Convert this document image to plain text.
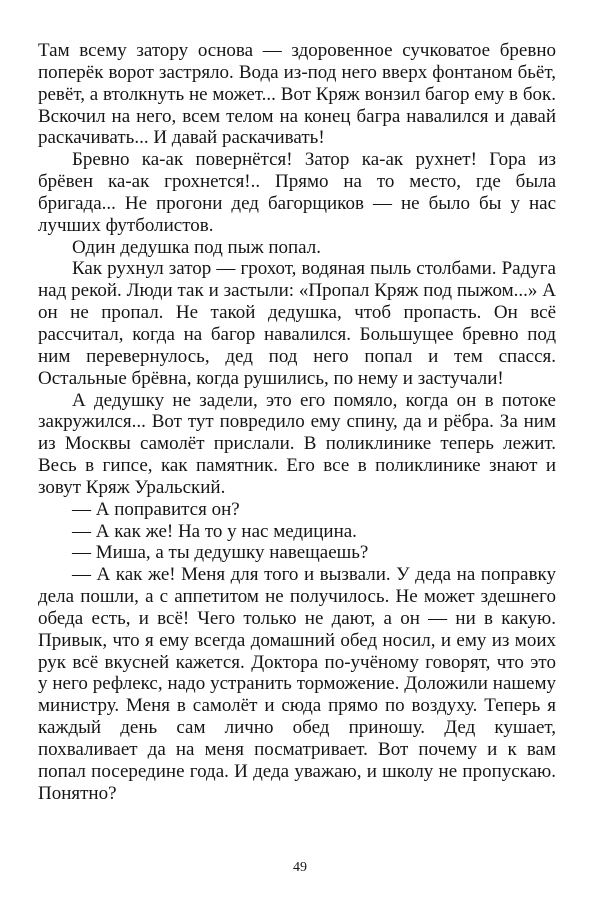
Там всему затору основа — здоровенное сучковатое бревно поперёк ворот застряло. Вода из-под него вверх фонтаном бьёт, ревёт, а втолкнуть не может... Вот Кряж вонзил багор ему в бок. Вскочил на него, всем телом на конец багра навалился и давай раскачивать... И давай раскачивать!

Бревно ка-ак повернётся! Затор ка-ак рухнет! Гора из брёвен ка-ак грохнется!.. Прямо на то место, где была бригада... Не прогони дед багорщиков — не было бы у нас лучших футболистов.

Один дедушка под пыж попал.

Как рухнул затор — грохот, водяная пыль столбами. Радуга над рекой. Люди так и застыли: «Пропал Кряж под пыжом...» А он не пропал. Не такой дедушка, чтоб пропасть. Он всё рассчитал, когда на багор навалился. Большущее бревно под ним перевернулось, дед под него попал и тем спасся. Остальные брёвна, когда рушились, по нему и застучали!

А дедушку не задели, это его помяло, когда он в потоке закружился... Вот тут повредило ему спину, да и рёбра. За ним из Москвы самолёт прислали. В поликлинике теперь лежит. Весь в гипсе, как памятник. Его все в поликлинике знают и зовут Кряж Уральский.

— А поправится он?

— А как же! На то у нас медицина.

— Миша, а ты дедушку навещаешь?

— А как же! Меня для того и вызвали. У деда на поправку дела пошли, а с аппетитом не получилось. Не может здешнего обеда есть, и всё! Чего только не дают, а он — ни в какую. Привык, что я ему всегда домашний обед носил, и ему из моих рук всё вкусней кажется. Доктора по-учёному говорят, что это у него рефлекс, надо устранить торможение. Доложили нашему министру. Меня в самолёт и сюда прямо по воздуху. Теперь я каждый день сам лично обед приношу. Дед кушает, похваливает да на меня посматривает. Вот почему и к вам попал посередине года. И деда уважаю, и школу не пропускаю. Понятно?

49
